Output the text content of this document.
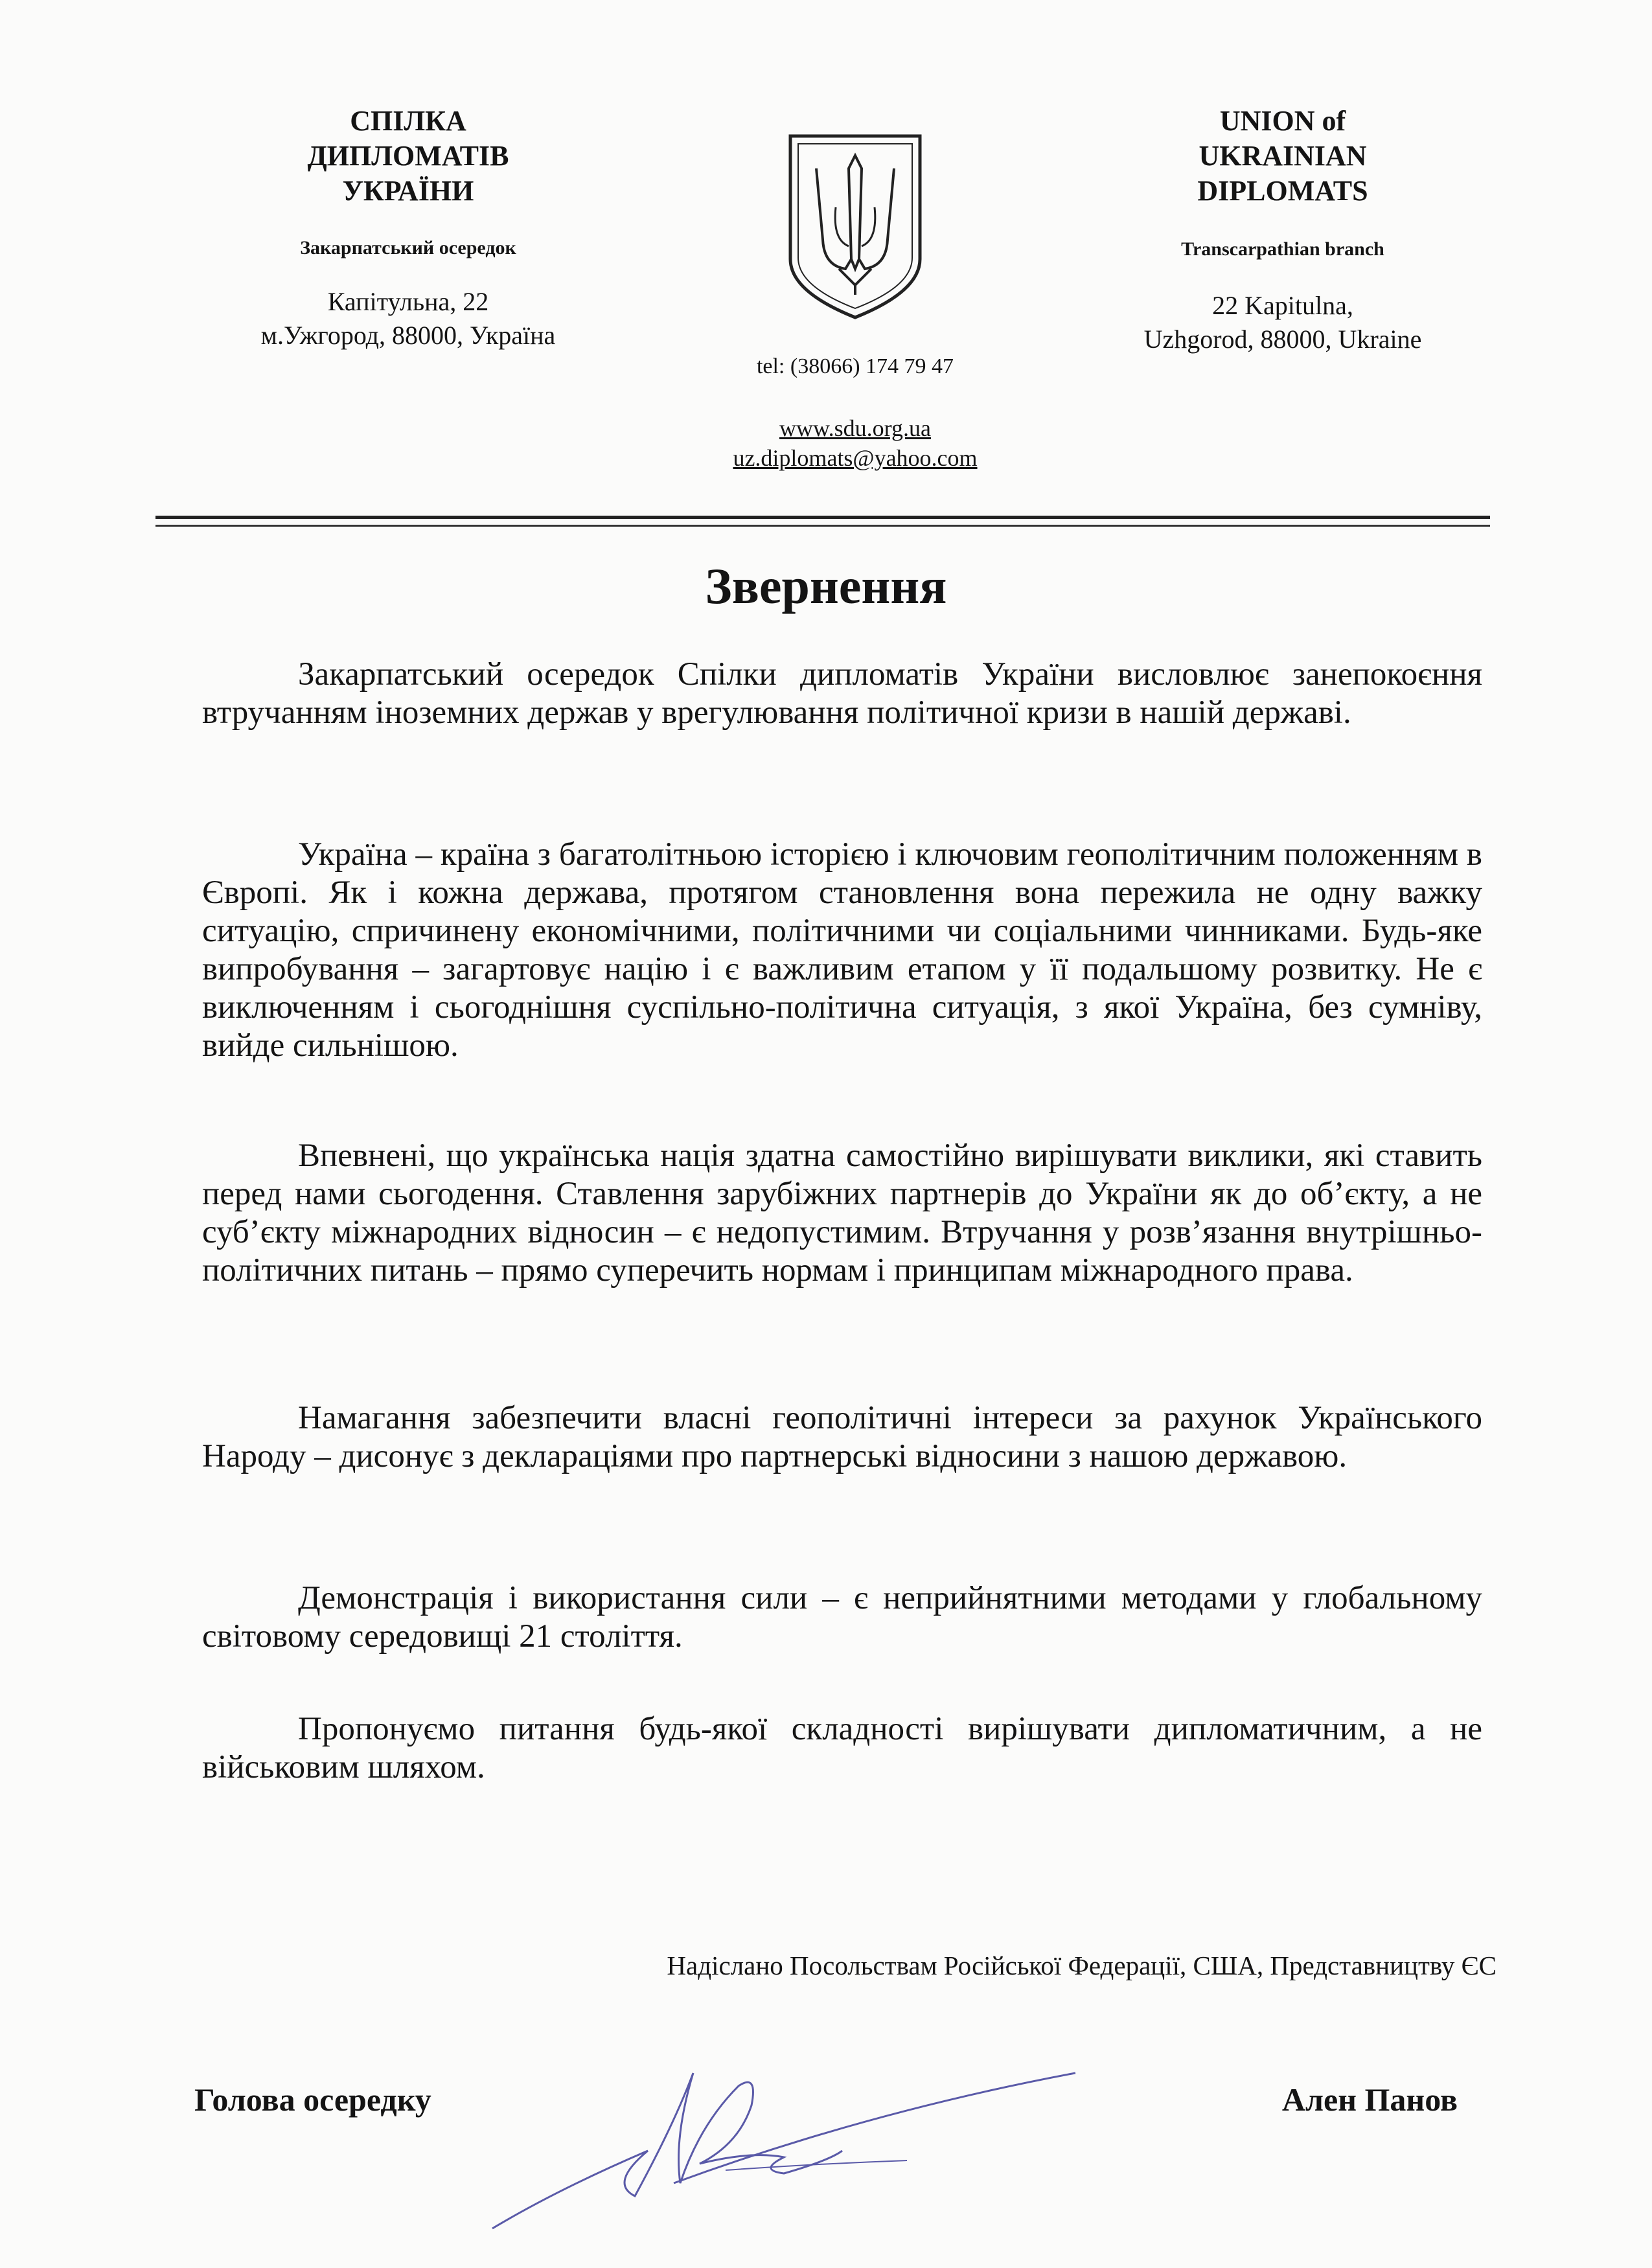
СПІЛКА
ДИПЛОМАТІВ
УКРАЇНИ
Закарпатський осередок
Капітульна, 22
м.Ужгород, 88000, Україна
tel: (38066) 174 79 47
www.sdu.org.ua
uz.diplomats@yahoo.com
UNION of
UKRAINIAN
DIPLOMATS
Transcarpathian branch
22 Kapitulna,
Uzhgorod, 88000, Ukraine
Звернення

Закарпатський осередок Спілки дипломатів України висловлює занепокоєння втручанням іноземних держав у врегулювання політичної кризи в нашій державі.

Україна – країна з багатолітньою історією і ключовим геополітичним положенням в Європі. Як і кожна держава, протягом становлення вона пережила не одну важку ситуацію, спричинену економічними, політичними чи соціальними чинниками. Будь-яке випробування – загартовує націю і є важливим етапом у її подальшому розвитку. Не є виключенням і сьогоднішня суспільно-політична ситуація, з якої Україна, без сумніву, вийде сильнішою.

Впевнені, що українська нація здатна самостійно вирішувати виклики, які ставить перед нами сьогодення. Ставлення зарубіжних партнерів до України як до об’єкту, а не суб’єкту міжнародних відносин – є недопустимим. Втручання у розв’язання внутрішньо-політичних питань – прямо суперечить нормам і принципам міжнародного права.

Намагання забезпечити власні геополітичні інтереси за рахунок Українського Народу – дисонує з деклараціями про партнерські відносини з нашою державою.

Демонстрація і використання сили – є неприйнятними методами у глобальному світовому середовищі 21 століття.

Пропонуємо питання будь-якої складності вирішувати дипломатичним, а не військовим шляхом.

Надіслано Посольствам Російської Федерації, США, Представництву ЄС
Голова осередку	Ален Панов
